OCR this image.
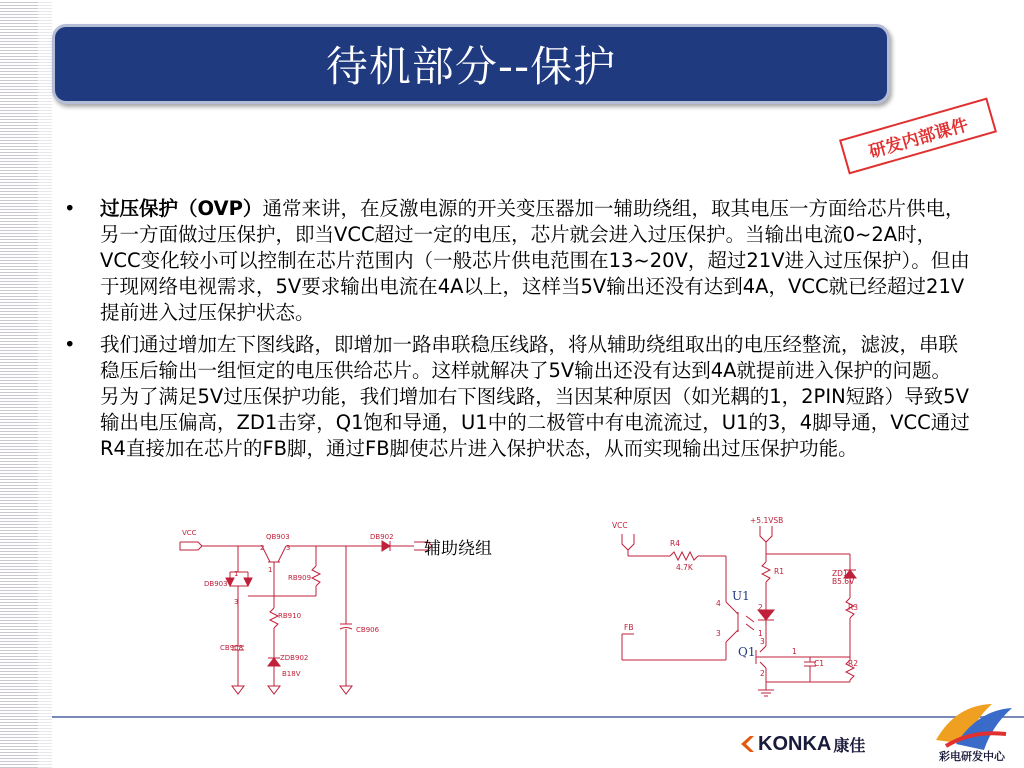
待机部分--保护
研发内部课件
• 过压保护（OVP）通常来讲，在反激电源的开关变压器加一辅助绕组，取其电压一方面给芯片供电，另一方面做过压保护，即当VCC超过一定的电压，芯片就会进入过压保护。当输出电流0~2A时，VCC变化较小可以控制在芯片范围内（一般芯片供电范围在13~20V，超过21V进入过压保护）。但由于现网络电视需求，5V要求输出电流在4A以上，这样当5V输出还没有达到4A，VCC就已经超过21V提前进入过压保护状态。
• 我们通过增加左下图线路，即增加一路串联稳压线路，将从辅助绕组取出的电压经整流，滤波，串联稳压后输出一组恒定的电压供给芯片。这样就解决了5V输出还没有达到4A就提前进入保护的问题。另为了满足5V过压保护功能，我们增加右下图线路，当因某种原因（如光耦的1，2PIN短路）导致5V输出电压偏高，ZD1击穿，Q1饱和导通，U1中的二极管中有电流流过，U1的3，4脚导通，VCC通过R4直接加在芯片的FB脚，通过FB脚使芯片进入保护状态，从而实现输出过压保护功能。
VCC	QB903	DB902
DB903
RB909
RB910
CB906
CB908
ZDB902
B18V
2	3
1
3
1
辅助绕组
VCC
R4
4.7K
+5.1VSB
R1	ZD1
B5.6V
R3
FB
C1	R2
4
3
2
1
1
2
3
U1
Q1
KONKA 康佳
彩电研发中心
